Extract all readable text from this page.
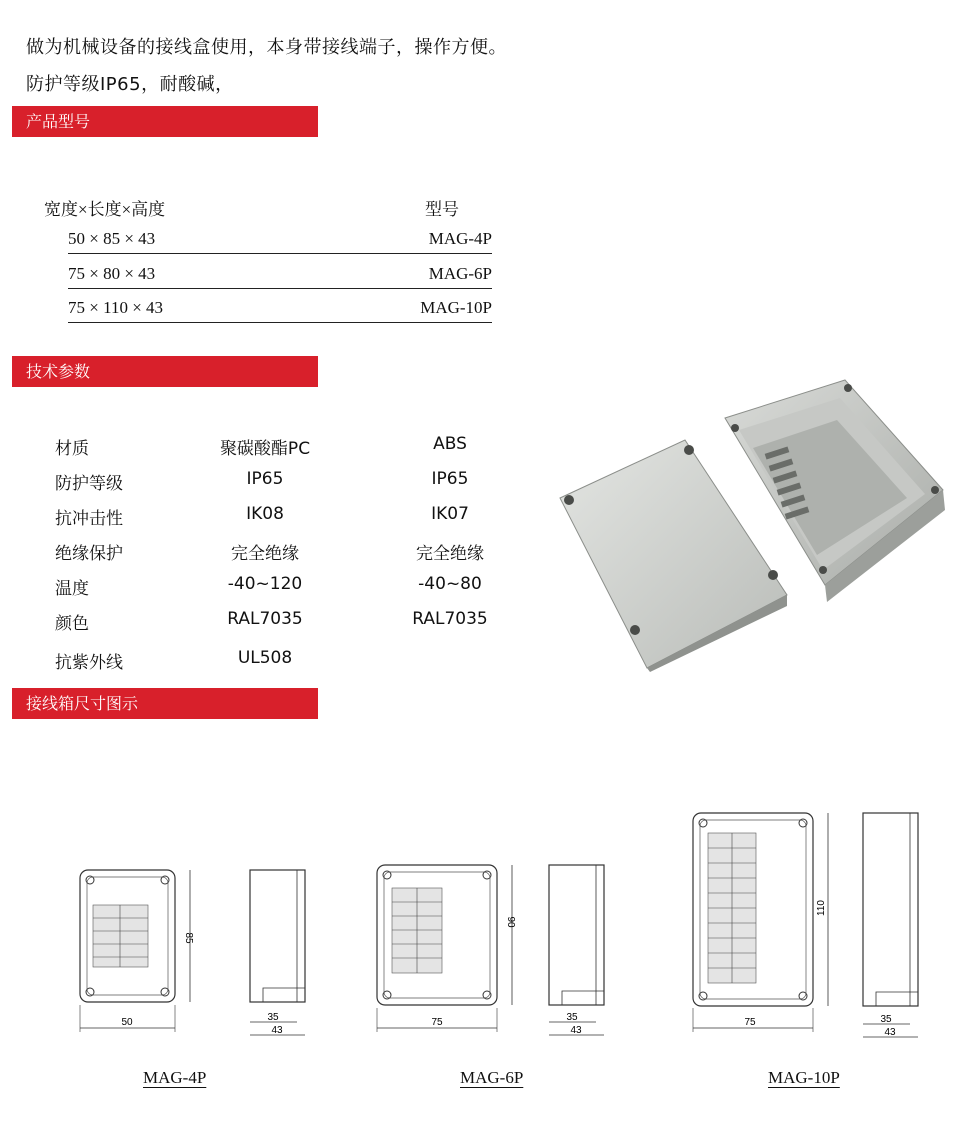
做为机械设备的接线盒使用，本身带接线端子，操作方便。
防护等级IP65，耐酸碱，
产品型号
宽度×长度×高度	型号
50 × 85 × 43	MAG-4P
75 × 80 × 43	MAG-6P
75 × 110 × 43	MAG-10P
技术参数
材质	聚碳酸酯PC	ABS
防护等级	IP65	IP65
抗冲击性	IK08	IK07
绝缘保护	完全绝缘	完全绝缘
温度	-40~120	-40~80
颜色	RAL7035	RAL7035
抗紫外线	UL508
接线箱尺寸图示
50
85
35
43
MAG-4P
75
90
35
43
MAG-6P
75
110
35
43
MAG-10P
